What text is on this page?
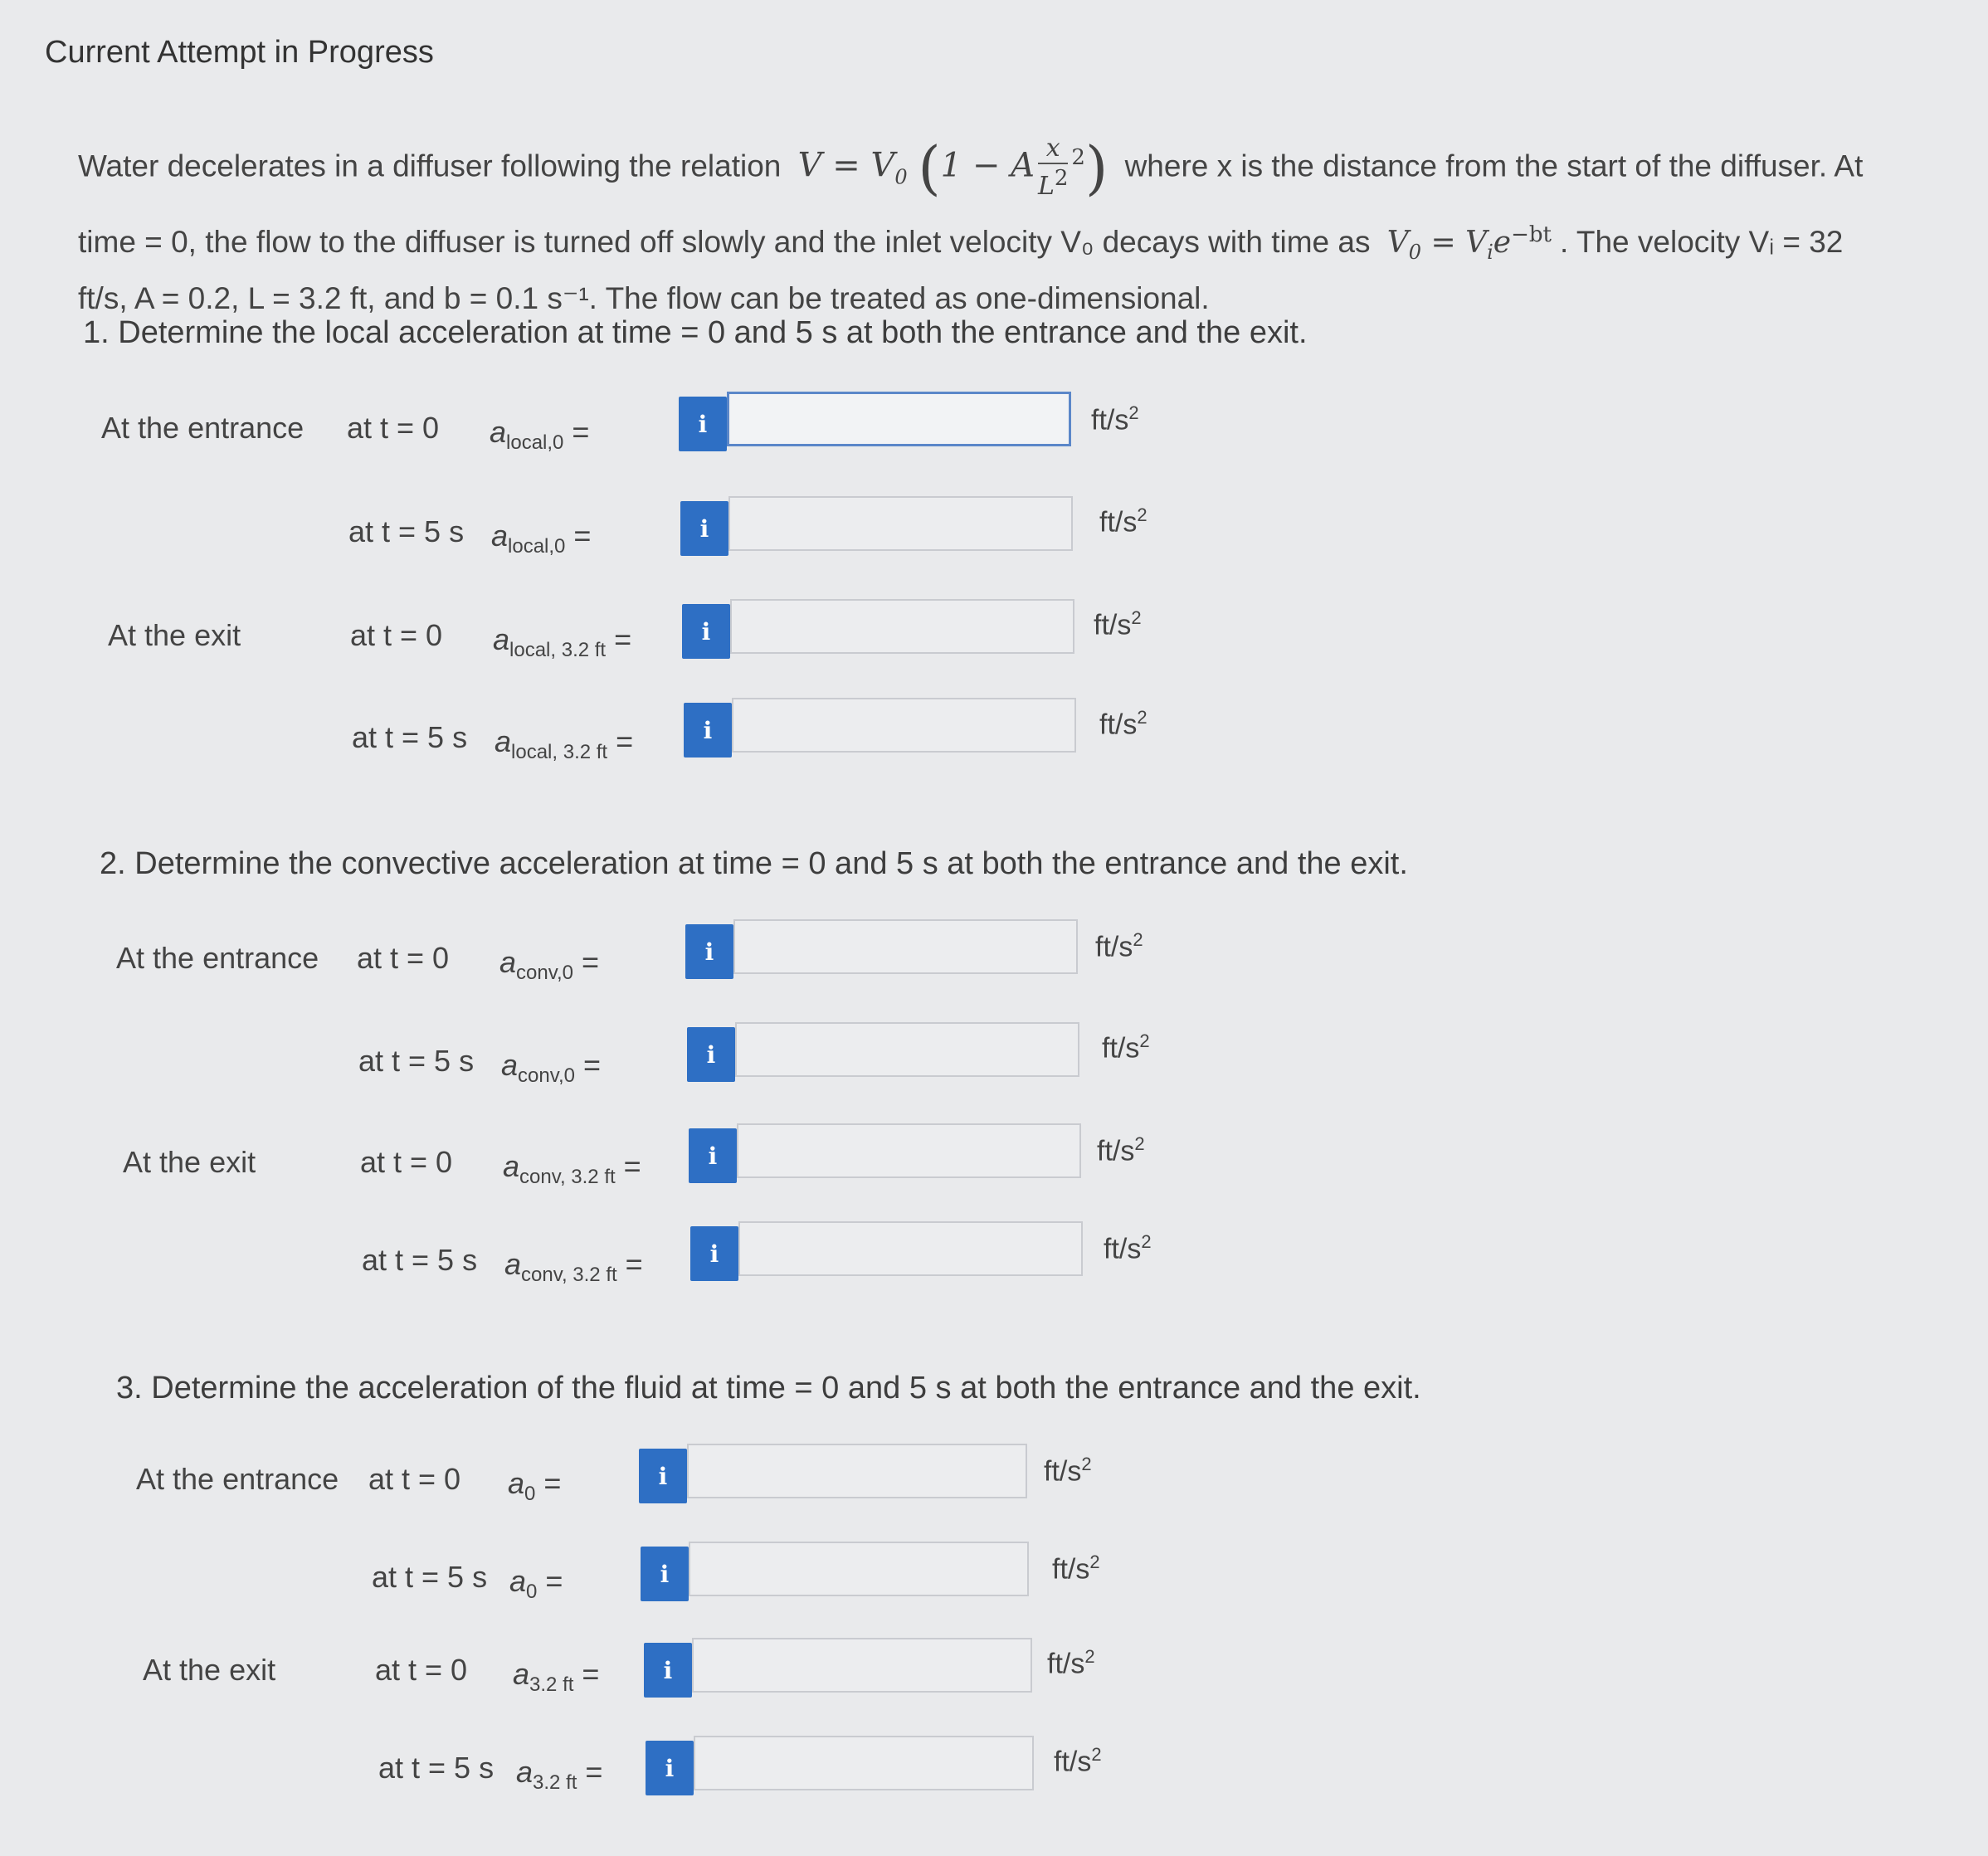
Current Attempt in Progress
Water decelerates in a diffuser following the relation $V = V_0$ (1 − A $\frac{x}{L2} ^2$) where x is the distance from the start of the diffuser. At
time = 0, the flow to the diffuser is turned off slowly and the inlet velocity V₀ decays with time as $V_0 = V_ie^{-bt}$ . The velocity Vᵢ = 32
ft/s, A = 0.2, L = 3.2 ft, and b = 0.1 s⁻¹. The flow can be treated as one-dimensional.
1. Determine the local acceleration at time = 0 and 5 s at both the entrance and the exit.
At the entrance at t = 0 $a_{local,0}$ =	i	$ft/s^2$
at t = 5 s $a_{local,0}$ =	i	$ft/s^2$
At the exit	at t = 0 $a_{local, 3.2 ft}$ =	i	$ft/s^2$
at t = 5 s $a_{local, 3.2 ft}$ =	i	$ft/s^2$
2. Determine the convective acceleration at time = 0 and 5 s at both the entrance and the exit.
At the entrance at t = 0 $a_{conv,0}$ =	i	$ft/s^2$
at t = 5 s $a_{conv,0}$ =	i	$ft/s^2$
At the exit	at t = 0 $a_{conv, 3.2 ft}$ =	i	$ft/s^2$
at t = 5 s $a_{conv, 3.2 ft}$ =	i	$ft/s^2$
3. Determine the acceleration of the fluid at time = 0 and 5 s at both the entrance and the exit.
At the entrance at t = 0 $a_0$ =	i	$ft/s^2$
at t = 5 s $a_0$ =	i	$ft/s^2$
At the exit	at t = 0 $a_{3.2 ft}$ =	i	$ft/s^2$
at t = 5 s $a_{3.2 ft}$ =	i	$ft/s^2$
